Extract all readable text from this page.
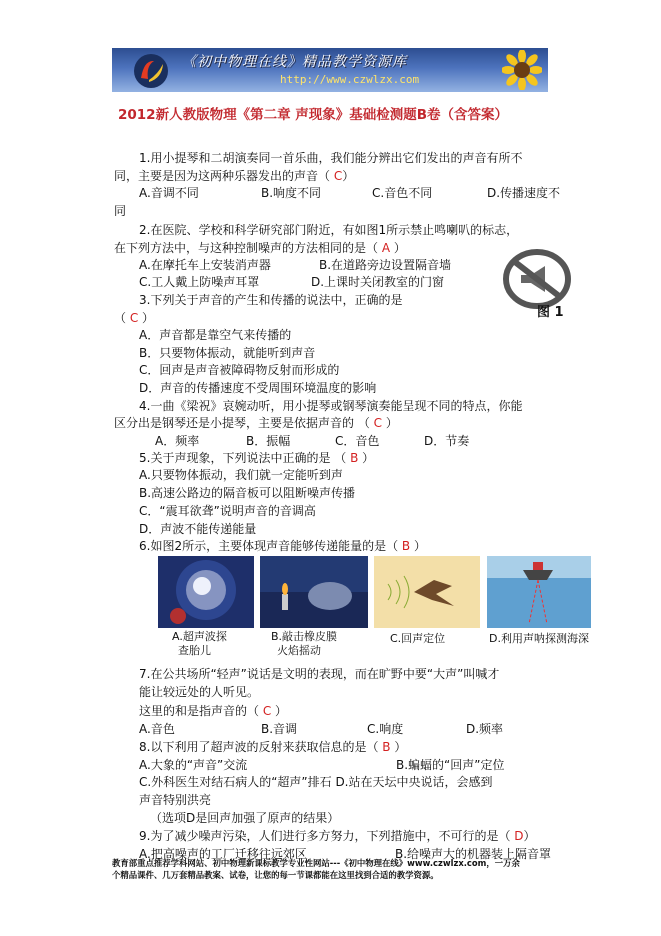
《初中物理在线》精品教学资源库
http://www.czwlzx.com
2012新人教版物理《第二章 声现象》基础检测题B卷（含答案）
1.用小提琴和二胡演奏同一首乐曲，我们能分辨出它们发出的声音有所不
同，主要是因为这两种乐器发出的声音（ C）
A.音调不同	B.响度不同	C.音色不同	D.传播速度不
同
2.在医院、学校和科学研究部门附近，有如图1所示禁止鸣喇叭的标志，
在下列方法中，与这种控制噪声的方法相同的是（ A ）
A.在摩托车上安装消声器	B.在道路旁边设置隔音墙
C.工人戴上防噪声耳罩	D.上课时关闭教室的门窗
3.下列关于声音的产生和传播的说法中，正确的是
（ C ）
A．声音都是靠空气来传播的
B．只要物体振动，就能听到声音
C．回声是声音被障碍物反射而形成的
D．声音的传播速度不受周围环境温度的影响
4.一曲《梁祝》哀婉动听，用小提琴或钢琴演奏能呈现不同的特点，你能
区分出是钢琴还是小提琴，主要是依据声音的 （ C ）
A．频率	B．振幅	C．音色	D．节奏
5.关于声现象，下列说法中正确的是 （ B ）
A.只要物体振动，我们就一定能听到声
B.高速公路边的隔音板可以阻断噪声传播
C．“震耳欲聋”说明声音的音调高
D．声波不能传递能量
6.如图2所示，主要体现声音能够传递能量的是（ B ）
7.在公共场所“轻声”说话是文明的表现，而在旷野中要“大声”叫喊才
能让较远处的人听见。
这里的和是指声音的（ C ）
A.音色	B.音调	C.响度	D.频率
8.以下利用了超声波的反射来获取信息的是（ B ）
A.大象的“声音”交流	B.蝙蝠的“回声”定位
C.外科医生对结石病人的“超声”排石 D.站在天坛中央说话，会感到
声音特别洪亮
（选项D是回声加强了原声的结果）
9.为了减少噪声污染，人们进行多方努力，下列措施中，不可行的是（ D）
A.把高噪声的工厂迁移往远郊区	B.给噪声大的机器装上隔音罩
图 1
A.超声波探
查胎儿
B.敲击橡皮膜
火焰摇动
C.回声定位	D.利用声呐探测海深
教育部重点推荐学科网站、初中物理新课标教学专业性网站---《初中物理在线》www.czwlzx.com，一万余
个精品课件、几万套精品教案、试卷，让您的每一节课都能在这里找到合适的教学资源。
